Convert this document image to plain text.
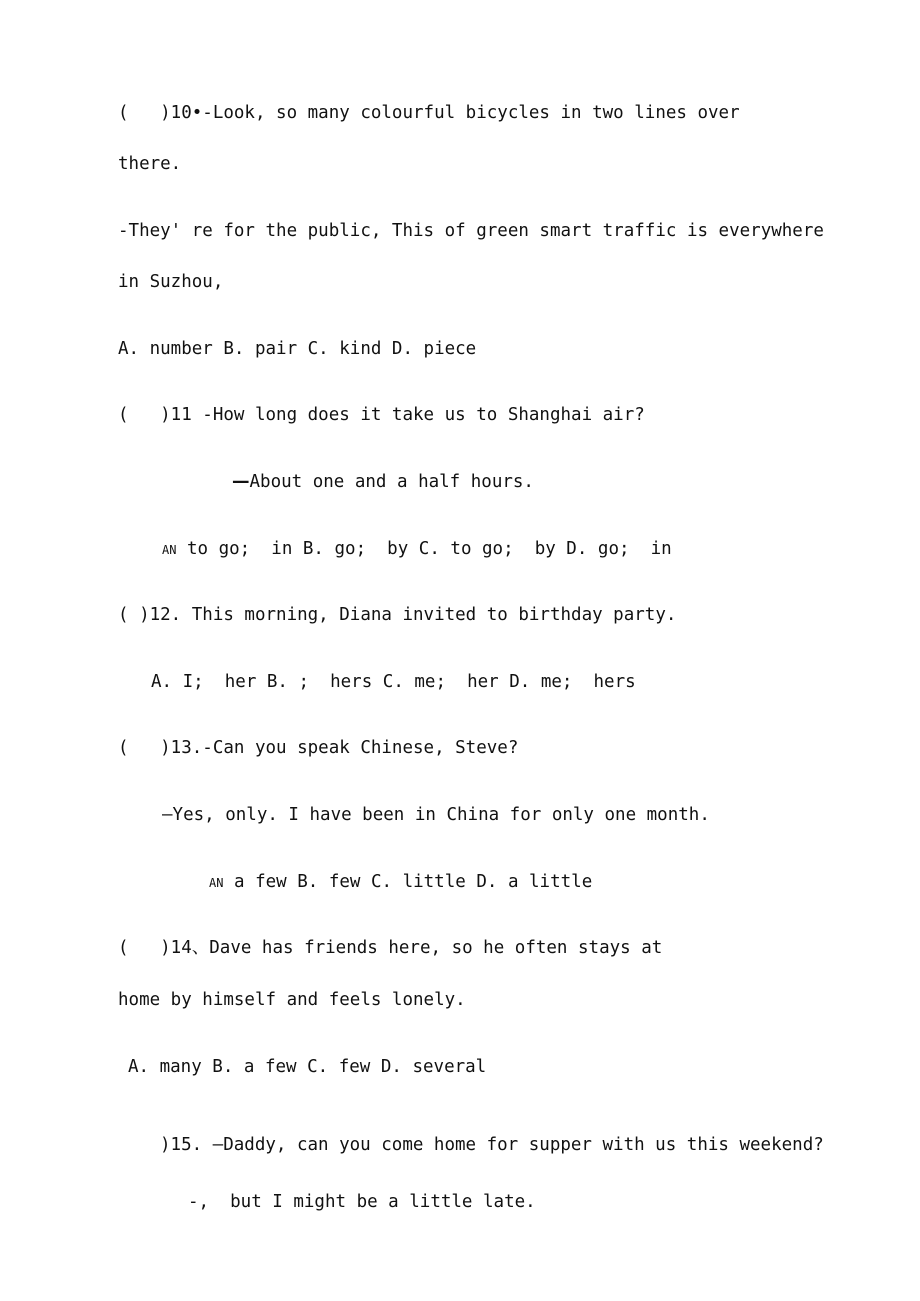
(   )10•-Look, so many colourful bicycles in two lines over

there.

-They' re for the public, This of green smart traffic is everywhere

in Suzhou,

A. number B. pair C. kind D. piece

(   )11 -How long does it take us to Shanghai air?

—About one and a half hours.

AN to go;  in B. go;  by C. to go;  by D. go;  in

( )12. This morning, Diana invited to birthday party.

A. I;  her B. ;  hers C. me;  her D. me;  hers

(   )13.-Can you speak Chinese, Steve?

—Yes, only. I have been in China for only one month.

AN a few B. few C. little D. a little

(   )14、Dave has friends here, so he often stays at

home by himself and feels lonely.

A. many B. a few C. few D. several

)15. —Daddy, can you come home for supper with us this weekend?

-,  but I might be a little late.
